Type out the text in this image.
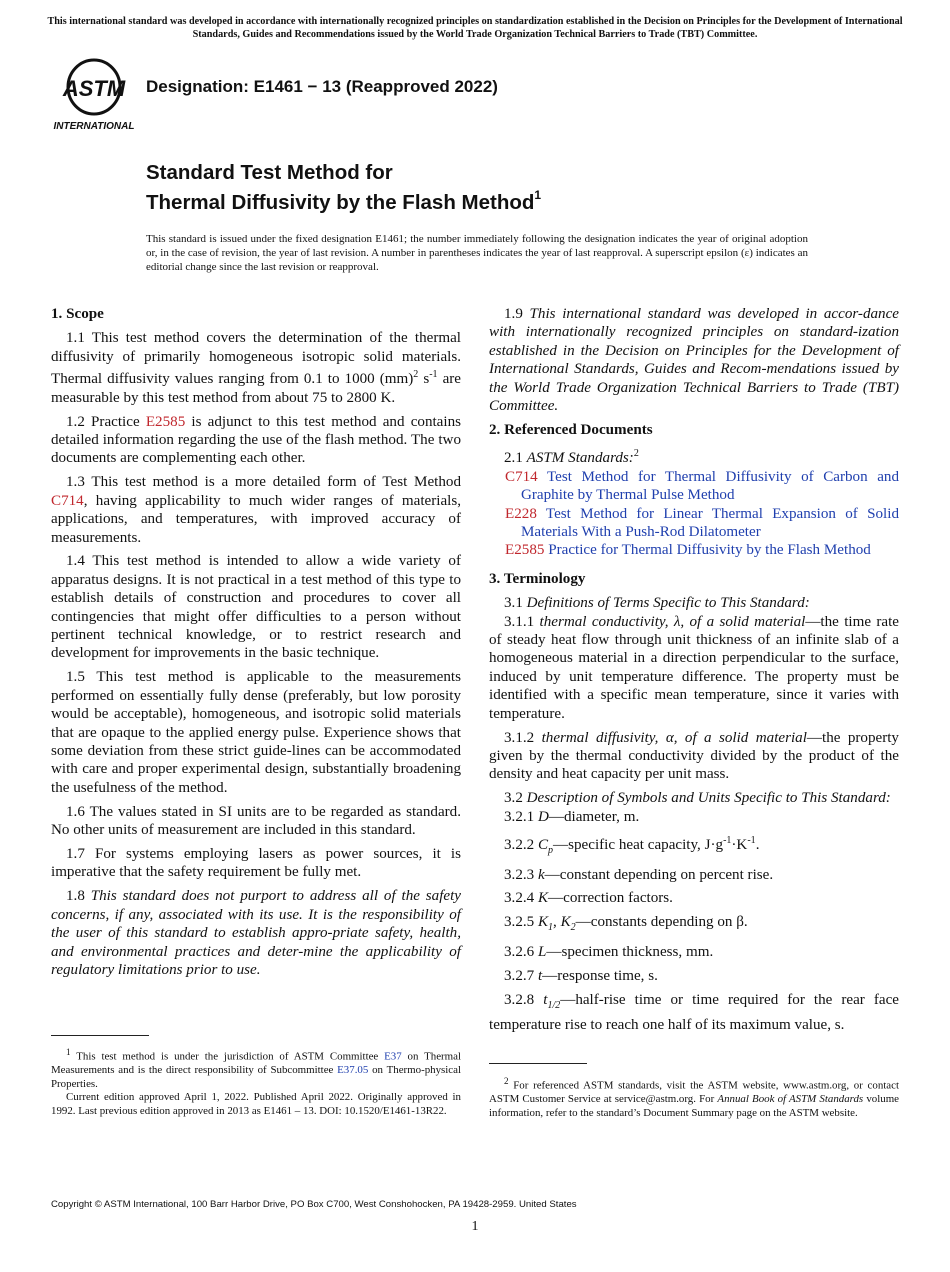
This international standard was developed in accordance with internationally recognized principles on standardization established in the Decision on Principles for the Development of International Standards, Guides and Recommendations issued by the World Trade Organization Technical Barriers to Trade (TBT) Committee.
ASTM
INTERNATIONAL
Designation: E1461 − 13 (Reapproved 2022)
Standard Test Method for
Thermal Diffusivity by the Flash Method$^1$
This standard is issued under the fixed designation E1461; the number immediately following the designation indicates the year of original adoption or, in the case of revision, the year of last revision. A number in parentheses indicates the year of last reapproval. A superscript epsilon (ε) indicates an editorial change since the last revision or reapproval.
1. Scope

1.1 This test method covers the determination of the thermal diffusivity of primarily homogeneous isotropic solid materials. Thermal diffusivity values ranging from 0.1 to 1000 (mm)$^2$ $s^{-1}$ are measurable by this test method from about 75 to 2800 K.

1.2 Practice E2585 is adjunct to this test method and contains detailed information regarding the use of the flash method. The two documents are complementing each other.

1.3 This test method is a more detailed form of Test Method C714, having applicability to much wider ranges of materials, applications, and temperatures, with improved accuracy of measurements.

1.4 This test method is intended to allow a wide variety of apparatus designs. It is not practical in a test method of this type to establish details of construction and procedures to cover all contingencies that might offer difficulties to a person without pertinent technical knowledge, or to restrict research and development for improvements in the basic technique.

1.5 This test method is applicable to the measurements performed on essentially fully dense (preferably, but low porosity would be acceptable), homogeneous, and isotropic solid materials that are opaque to the applied energy pulse. Experience shows that some deviation from these strict guide-lines can be accommodated with care and proper experimental design, substantially broadening the usefulness of the method.

1.6 The values stated in SI units are to be regarded as standard. No other units of measurement are included in this standard.

1.7 For systems employing lasers as power sources, it is imperative that the safety requirement be fully met.

1.8 This standard does not purport to address all of the safety concerns, if any, associated with its use. It is the responsibility of the user of this standard to establish appro-priate safety, health, and environmental practices and deter-mine the applicability of regulatory limitations prior to use.

$^1$ This test method is under the jurisdiction of ASTM Committee E37 on Thermal Measurements and is the direct responsibility of Subcommittee E37.05 on Thermo-physical Properties.

Current edition approved April 1, 2022. Published April 2022. Originally approved in 1992. Last previous edition approved in 2013 as E1461 – 13. DOI: 10.1520/E1461-13R22.

1.9 This international standard was developed in accor-dance with internationally recognized principles on standard-ization established in the Decision on Principles for the Development of International Standards, Guides and Recom-mendations issued by the World Trade Organization Technical Barriers to Trade (TBT) Committee.

2. Referenced Documents

2.1 ASTM Standards:$^2$

C714 Test Method for Thermal Diffusivity of Carbon and Graphite by Thermal Pulse Method
E228 Test Method for Linear Thermal Expansion of Solid Materials With a Push-Rod Dilatometer
E2585 Practice for Thermal Diffusivity by the Flash Method
3. Terminology

3.1 Definitions of Terms Specific to This Standard:

3.1.1 thermal conductivity, λ, of a solid material—the time rate of steady heat flow through unit thickness of an infinite slab of a homogeneous material in a direction perpendicular to the surface, induced by unit temperature difference. The property must be identified with a specific mean temperature, since it varies with temperature.

3.1.2 thermal diffusivity, α, of a solid material—the property given by the thermal conductivity divided by the product of the density and heat capacity per unit mass.

3.2 Description of Symbols and Units Specific to This Standard:

3.2.1 D—diameter, m.

3.2.2 $C_p—specific$ heat capacity, $J\cdot g^{-1}\cdot K^{-1}$.

3.2.3 k—constant depending on percent rise.

3.2.4 K—correction factors.

3.2.5 $K_1$, $K_2—constants$ depending on β.

3.2.6 L—specimen thickness, mm.

3.2.7 t—response time, s.

3.2.8 $t_{1/2}—half$-rise time or time required for the rear face temperature rise to reach one half of its maximum value, s.

$^2$ For referenced ASTM standards, visit the ASTM website, www.astm.org, or contact ASTM Customer Service at service@astm.org. For Annual Book of ASTM Standards volume information, refer to the standard’s Document Summary page on the ASTM website.

Copyright © ASTM International, 100 Barr Harbor Drive, PO Box C700, West Conshohocken, PA 19428-2959. United States
1
